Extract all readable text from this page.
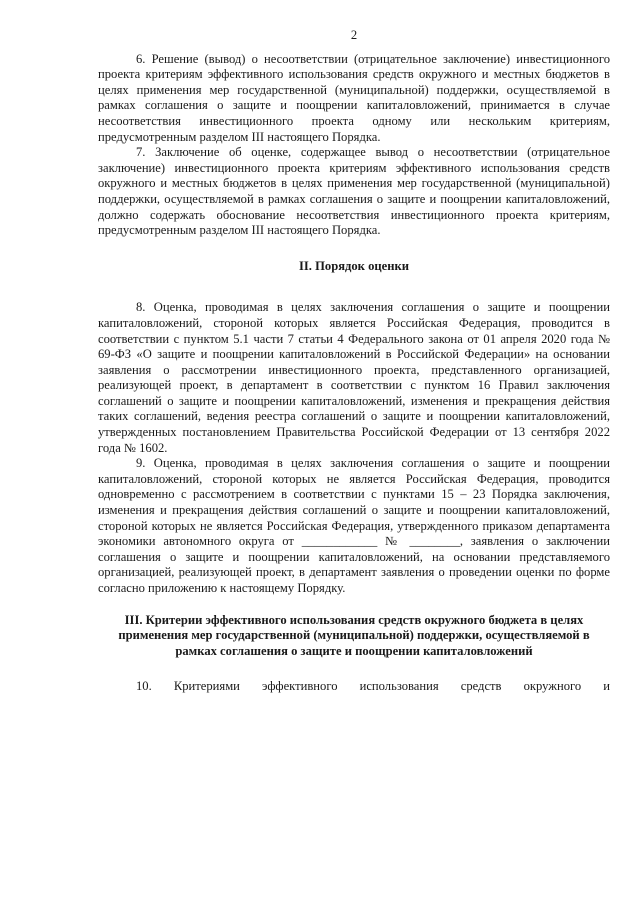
2

6. Решение (вывод) о несоответствии (отрицательное заключение) инвестиционного проекта критериям эффективного использования средств окружного и местных бюджетов в целях применения мер государственной (муниципальной) поддержки, осуществляемой в рамках соглашения о защите и поощрении капиталовложений, принимается в случае несоответствия инвестиционного проекта одному или нескольким критериям, предусмотренным разделом III настоящего Порядка.

7. Заключение об оценке, содержащее вывод о несоответствии (отрицательное заключение) инвестиционного проекта критериям эффективного использования средств окружного и местных бюджетов в целях применения мер государственной (муниципальной) поддержки, осуществляемой в рамках соглашения о защите и поощрении капиталовложений, должно содержать обоснование несоответствия инвестиционного проекта критериям, предусмотренным разделом III настоящего Порядка.

II. Порядок оценки

8. Оценка, проводимая в целях заключения соглашения о защите и поощрении капиталовложений, стороной которых является Российская Федерация, проводится в соответствии с пунктом 5.1 части 7 статьи 4 Федерального закона от 01 апреля 2020 года № 69-ФЗ «О защите и поощрении капиталовложений в Российской Федерации» на основании заявления о рассмотрении инвестиционного проекта, представленного организацией, реализующей проект, в департамент в соответствии с пунктом 16 Правил заключения соглашений о защите и поощрении капиталовложений, изменения и прекращения действия таких соглашений, ведения реестра соглашений о защите и поощрении капиталовложений, утвержденных постановлением Правительства Российской Федерации от 13 сентября 2022 года № 1602.

9. Оценка, проводимая в целях заключения соглашения о защите и поощрении капиталовложений, стороной которых не является Российская Федерация, проводится одновременно с рассмотрением в соответствии с пунктами 15 – 23 Порядка заключения, изменения и прекращения действия соглашений о защите и поощрении капиталовложений, стороной которых не является Российская Федерация, утвержденного приказом департамента экономики автономного округа от ____________ № ________, заявления о заключении соглашения о защите и поощрении капиталовложений, на основании представляемого организацией, реализующей проект, в департамент заявления о проведении оценки по форме согласно приложению к настоящему Порядку.

III. Критерии эффективного использования средств окружного бюджета в целях применения мер государственной (муниципальной) поддержки, осуществляемой в рамках соглашения о защите и поощрении капиталовложений

10. Критериями эффективного использования средств окружного и
